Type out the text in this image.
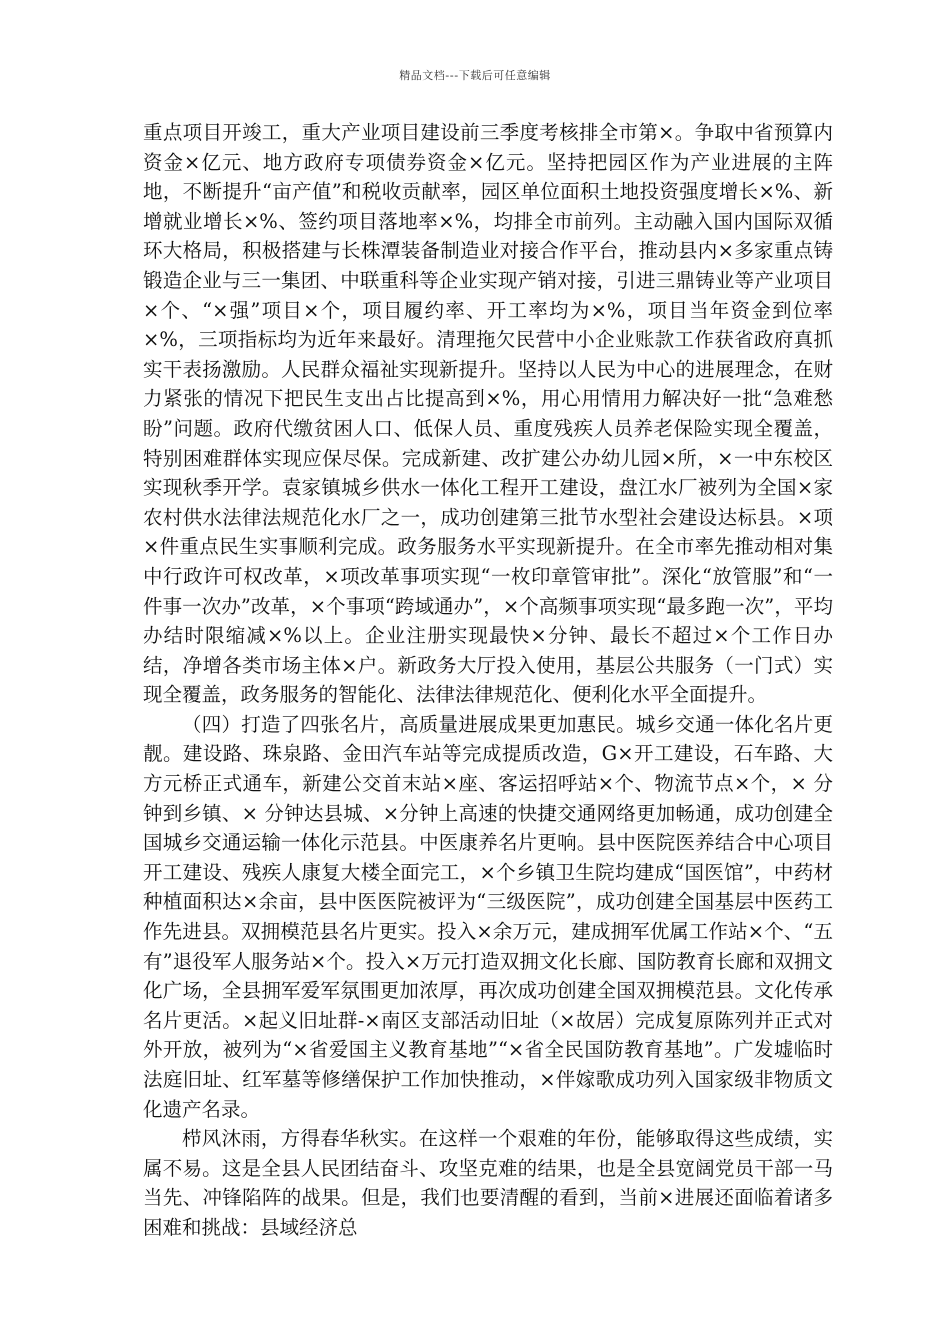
精品文档---下载后可任意编辑

重点项目开竣工，重大产业项目建设前三季度考核排全市第×。争取中省预算内资金×亿元、地方政府专项债券资金×亿元。坚持把园区作为产业进展的主阵地，不断提升“亩产值”和税收贡献率，园区单位面积土地投资强度增长×%、新增就业增长×%、签约项目落地率×%，均排全市前列。主动融入国内国际双循环大格局，积极搭建与长株潭装备制造业对接合作平台，推动县内×多家重点铸锻造企业与三一集团、中联重科等企业实现产销对接，引进三鼎铸业等产业项目×个、“×强”项目×个，项目履约率、开工率均为×%，项目当年资金到位率×%，三项指标均为近年来最好。清理拖欠民营中小企业账款工作获省政府真抓实干表扬激励。人民群众福祉实现新提升。坚持以人民为中心的进展理念，在财力紧张的情况下把民生支出占比提高到×%，用心用情用力解决好一批“急难愁盼”问题。政府代缴贫困人口、低保人员、重度残疾人员养老保险实现全覆盖，特别困难群体实现应保尽保。完成新建、改扩建公办幼儿园×所，×一中东校区实现秋季开学。袁家镇城乡供水一体化工程开工建设，盘江水厂被列为全国×家农村供水法律法规范化水厂之一，成功创建第三批节水型社会建设达标县。×项×件重点民生实事顺利完成。政务服务水平实现新提升。在全市率先推动相对集中行政许可权改革，×项改革事项实现“一枚印章管审批”。深化“放管服”和“一件事一次办”改革，×个事项“跨域通办”，×个高频事项实现“最多跑一次”，平均办结时限缩减×%以上。企业注册实现最快×分钟、最长不超过×个工作日办结，净增各类市场主体×户。新政务大厅投入使用，基层公共服务（一门式）实现全覆盖，政务服务的智能化、法律法律规范化、便利化水平全面提升。

（四）打造了四张名片，高质量进展成果更加惠民。城乡交通一体化名片更靓。建设路、珠泉路、金田汽车站等完成提质改造，G×开工建设，石车路、大方元桥正式通车，新建公交首末站×座、客运招呼站×个、物流节点×个，× 分钟到乡镇、× 分钟达县城、×分钟上高速的快捷交通网络更加畅通，成功创建全国城乡交通运输一体化示范县。中医康养名片更响。县中医院医养结合中心项目开工建设、残疾人康复大楼全面完工，×个乡镇卫生院均建成“国医馆”，中药材种植面积达×余亩，县中医医院被评为“三级医院”，成功创建全国基层中医药工作先进县。双拥模范县名片更实。投入×余万元，建成拥军优属工作站×个、“五有”退役军人服务站×个。投入×万元打造双拥文化长廊、国防教育长廊和双拥文化广场，全县拥军爱军氛围更加浓厚，再次成功创建全国双拥模范县。文化传承名片更活。×起义旧址群-×南区支部活动旧址（×故居）完成复原陈列并正式对外开放，被列为“×省爱国主义教育基地”“×省全民国防教育基地”。广发墟临时法庭旧址、红军墓等修缮保护工作加快推动，×伴嫁歌成功列入国家级非物质文化遗产名录。

栉风沐雨，方得春华秋实。在这样一个艰难的年份，能够取得这些成绩，实属不易。这是全县人民团结奋斗、攻坚克难的结果，也是全县宽阔党员干部一马当先、冲锋陷阵的战果。但是，我们也要清醒的看到，当前×进展还面临着诸多困难和挑战：县域经济总
